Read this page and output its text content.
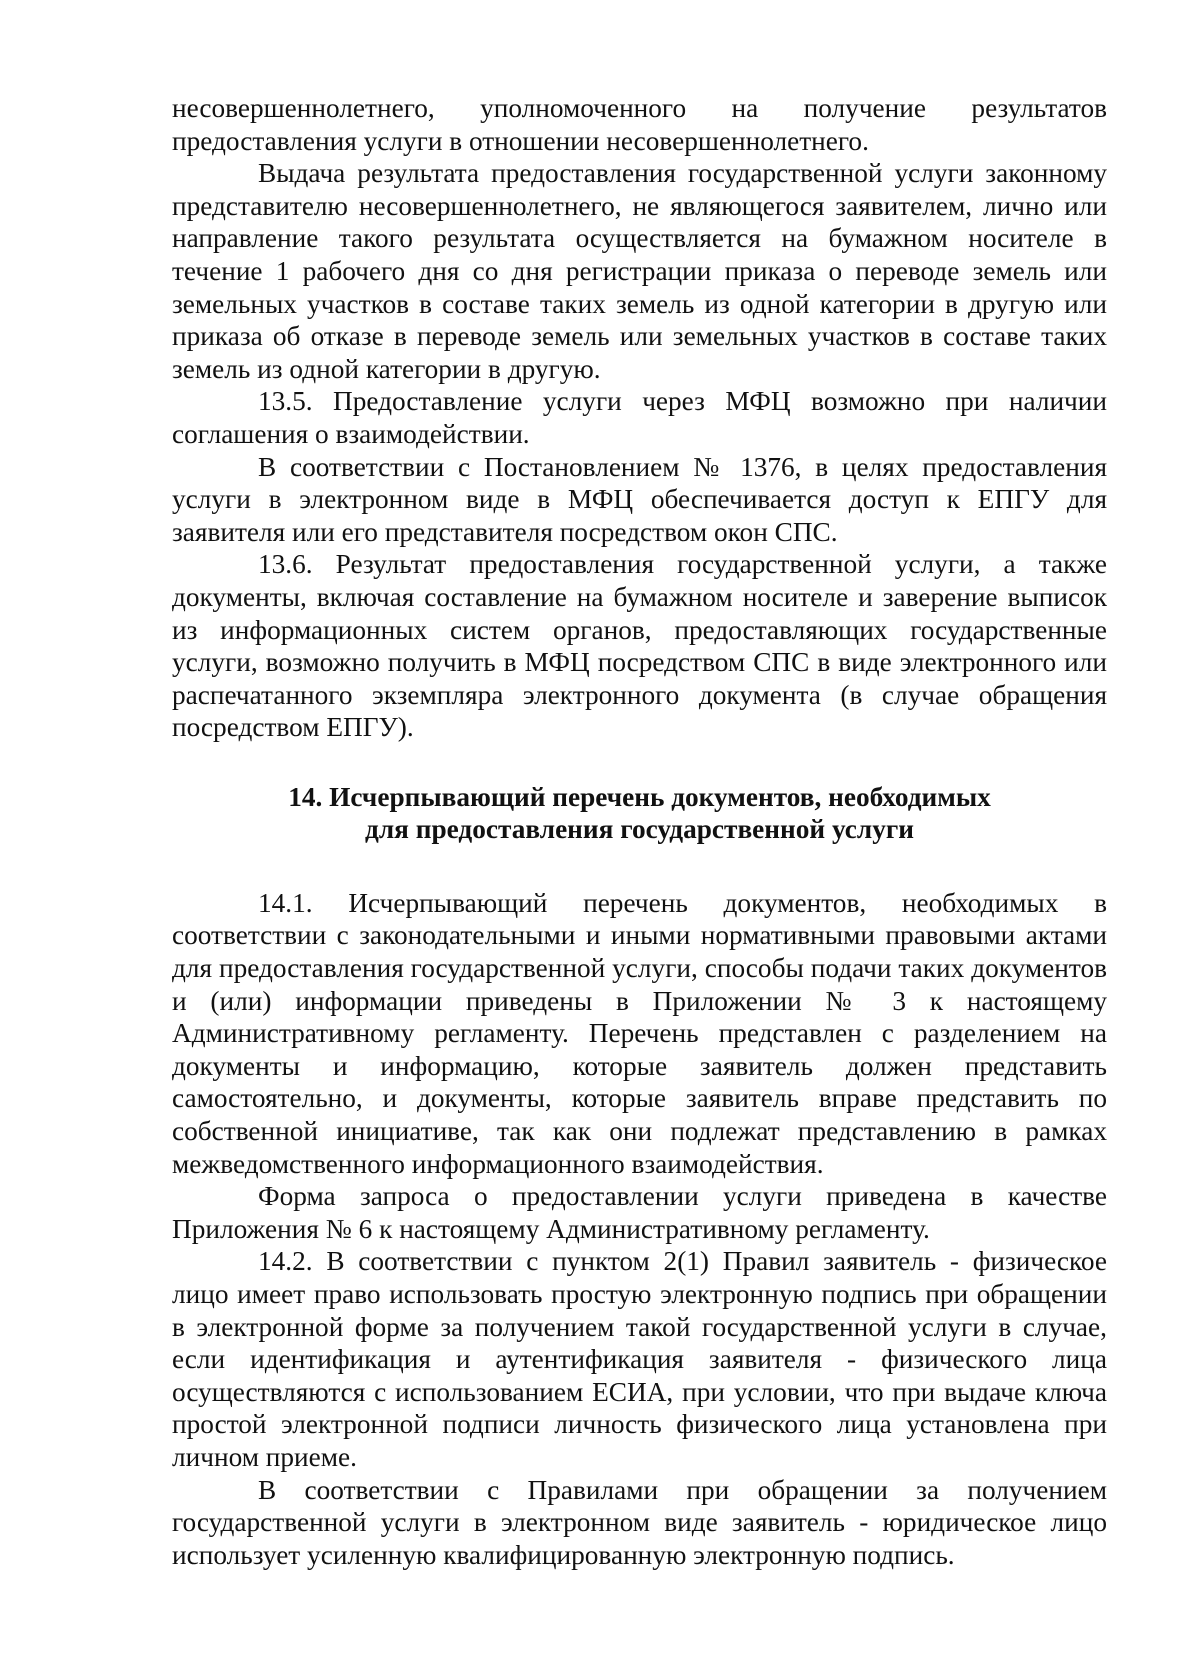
несовершеннолетнего, уполномоченного на получение результатов предоставления услуги в отношении несовершеннолетнего.

Выдача результата предоставления государственной услуги законному представителю несовершеннолетнего, не являющегося заявителем, лично или направление такого результата осуществляется на бумажном носителе в течение 1 рабочего дня со дня регистрации приказа о переводе земель или земельных участков в составе таких земель из одной категории в другую или приказа об отказе в переводе земель или земельных участков в составе таких земель из одной категории в другую.

13.5. Предоставление услуги через МФЦ возможно при наличии соглашения о взаимодействии.

В соответствии с Постановлением № 1376, в целях предоставления услуги в электронном виде в МФЦ обеспечивается доступ к ЕПГУ для заявителя или его представителя посредством окон СПС.

13.6. Результат предоставления государственной услуги, а также документы, включая составление на бумажном носителе и заверение выписок из информационных систем органов, предоставляющих государственные услуги, возможно получить в МФЦ посредством СПС в виде электронного или распечатанного экземпляра электронного документа (в случае обращения посредством ЕПГУ).

14. Исчерпывающий перечень документов, необходимых
для предоставления государственной услуги

14.1. Исчерпывающий перечень документов, необходимых в соответствии с законодательными и иными нормативными правовыми актами для предоставления государственной услуги, способы подачи таких документов и (или) информации приведены в Приложении № 3 к настоящему Административному регламенту. Перечень представлен с разделением на документы и информацию, которые заявитель должен представить самостоятельно, и документы, которые заявитель вправе представить по собственной инициативе, так как они подлежат представлению в рамках межведомственного информационного взаимодействия.

Форма запроса о предоставлении услуги приведена в качестве Приложения № 6 к настоящему Административному регламенту.

14.2. В соответствии с пунктом 2(1) Правил заявитель - физическое лицо имеет право использовать простую электронную подпись при обращении в электронной форме за получением такой государственной услуги в случае, если идентификация и аутентификация заявителя - физического лица осуществляются с использованием ЕСИА, при условии, что при выдаче ключа простой электронной подписи личность физического лица установлена при личном приеме.

В соответствии с Правилами при обращении за получением государственной услуги в электронном виде заявитель - юридическое лицо использует усиленную квалифицированную электронную подпись.
